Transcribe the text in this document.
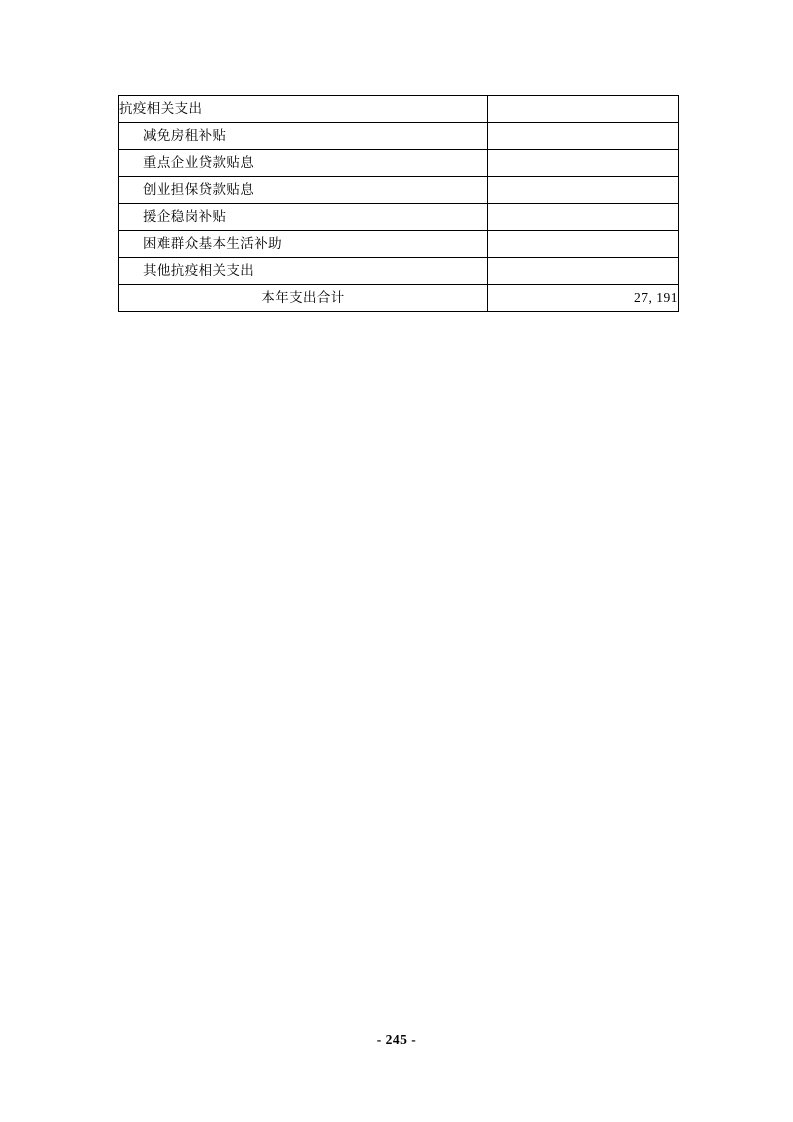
抗疫相关支出	
减免房租补贴	
重点企业贷款贴息	
创业担保贷款贴息	
援企稳岗补贴	
困难群众基本生活补助	
其他抗疫相关支出	
本年支出合计	27, 191
- 245 -
